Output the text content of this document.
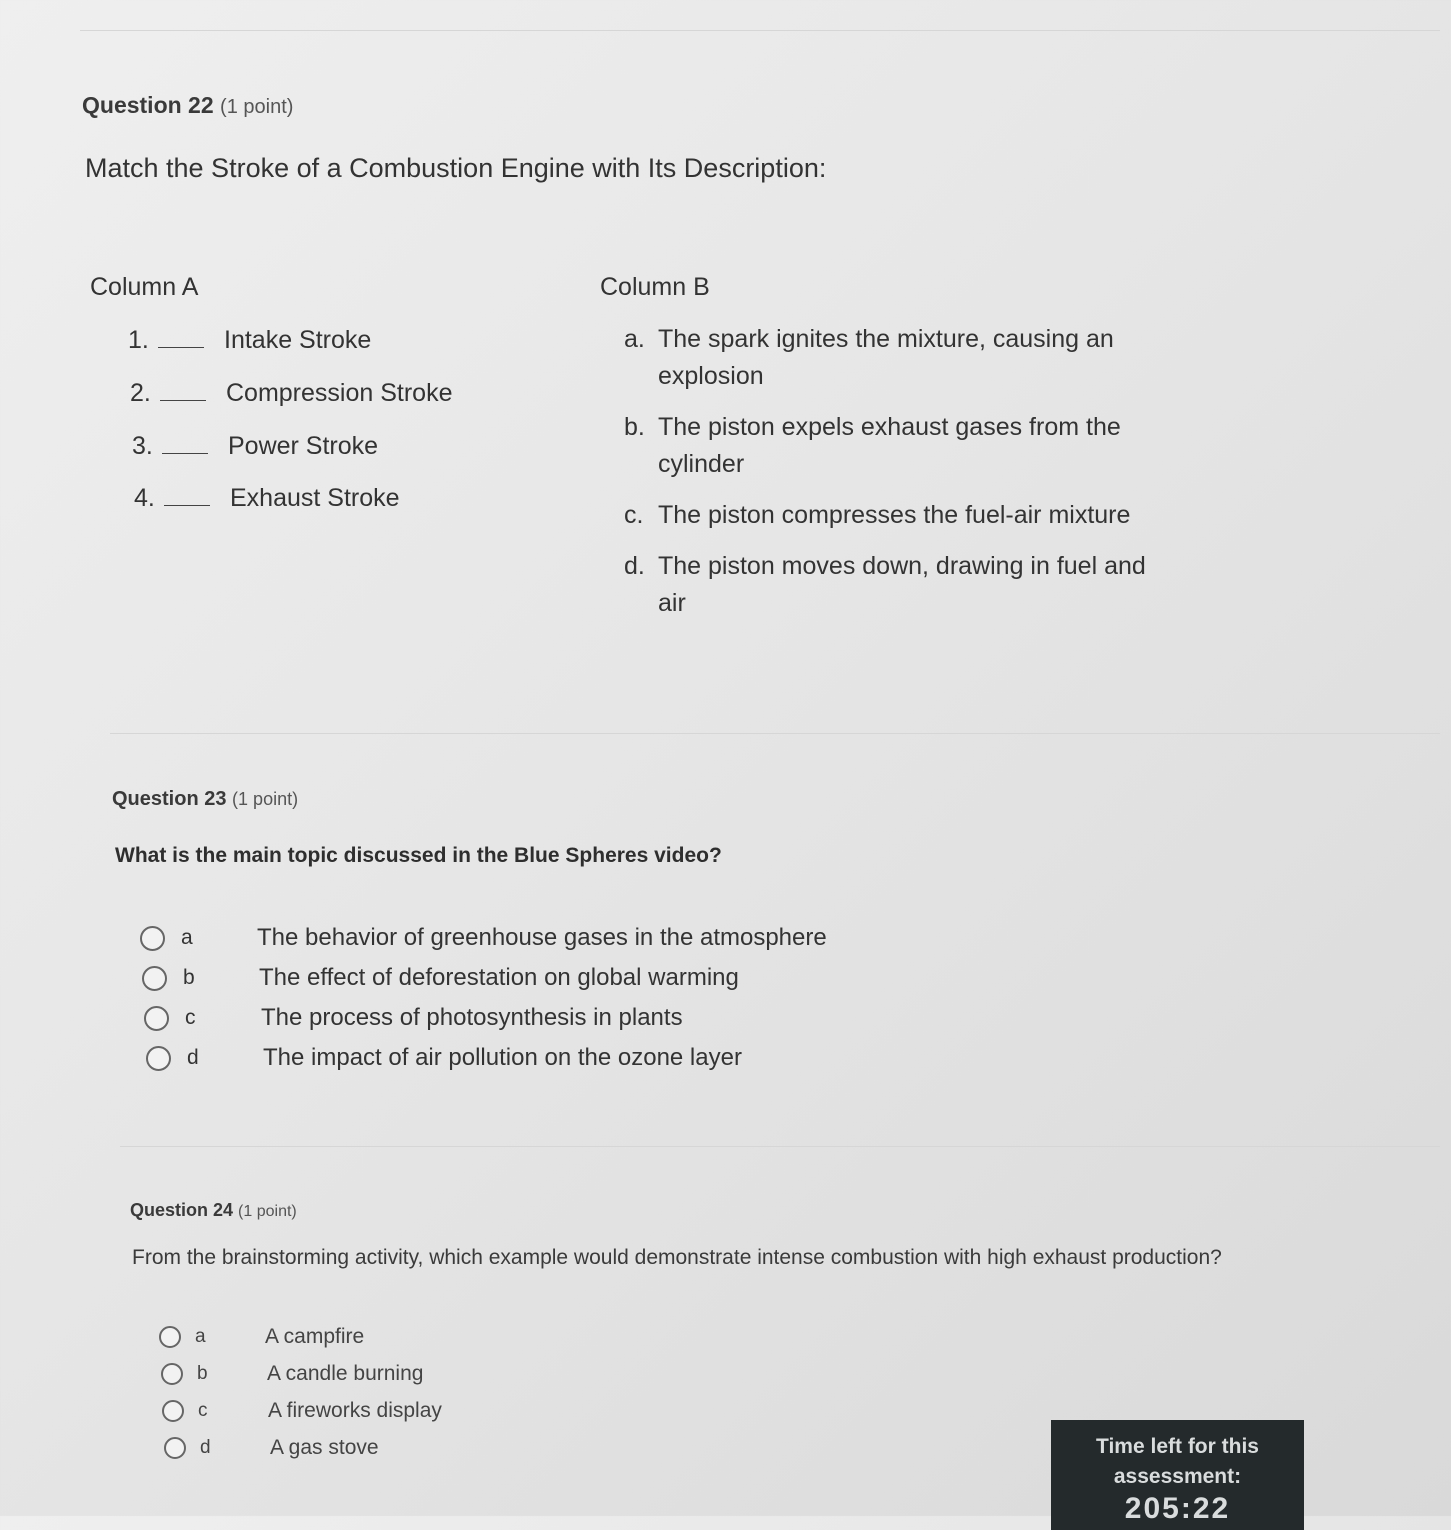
Question 22 (1 point)
Match the Stroke of a Combustion Engine with Its Description:
Column A	Column B
1.	Intake Stroke
2.	Compression Stroke
3.	Power Stroke
4.	Exhaust Stroke
a. The spark ignites the mixture, causing an explosion
b. The piston expels exhaust gases from the cylinder
c. The piston compresses the fuel-air mixture
d. The piston moves down, drawing in fuel and air
Question 23 (1 point)
What is the main topic discussed in the Blue Spheres video?
a	The behavior of greenhouse gases in the atmosphere
b	The effect of deforestation on global warming
c	The process of photosynthesis in plants
d	The impact of air pollution on the ozone layer
Question 24 (1 point)
From the brainstorming activity, which example would demonstrate intense combustion with high exhaust production?
a	A campfire
b	A candle burning
c	A fireworks display
d	A gas stove	Time left for this
assessment:
205:22
